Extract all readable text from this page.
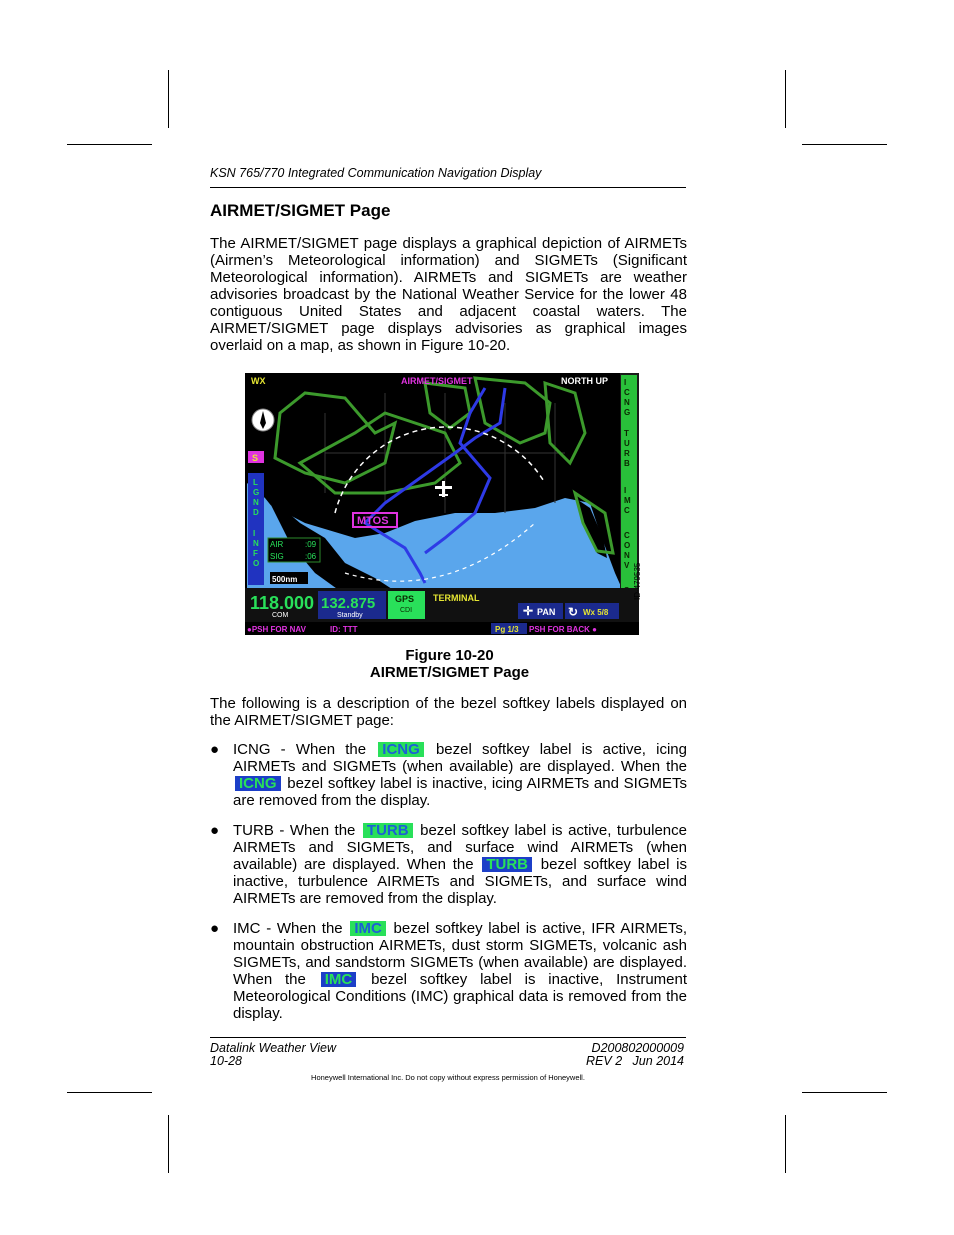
KSN 765/770 Integrated Communication Navigation Display
AIRMET/SIGMET Page
The AIRMET/SIGMET page displays a graphical depiction of AIRMETs (Airmen’s Meteorological information) and SIGMETs (Significant Meteorological information). AIRMETs and SIGMETs are weather advisories broadcast by the National Weather Service for the lower 48 contiguous United States and adjacent coastal waters. The AIRMET/SIGMET page displays advisories as graphical images overlaid on a map, as shown in Figure 10‑20.
MTOS
WX	AIRMET/SIGMET	NORTH UP I
C
N
G
T
U
R
B
I
M
C
C
O
N
V
S
L
G
N
D
I
N
F
O
AIR	:09
SIG	:06
500nm
118.000
COM
132.875
Standby
GPS
CDI
TERMINAL
✛ PAN ↻ Wx 5/8
●PSH FOR NAV	ID: TTT	Pg 1/3 PSH FOR BACK ●
ID‑479535
Figure 10‑20
AIRMET/SIGMET Page
The following is a description of the bezel softkey labels displayed on the AIRMET/SIGMET page:
● ICNG ‑ When the ICNG bezel softkey label is active, icing AIRMETs and SIGMETs (when available) are displayed. When the ICNG bezel softkey label is inactive, icing AIRMETs and SIGMETs are removed from the display.
● TURB ‑ When the TURB bezel softkey label is active, turbulence AIRMETs and SIGMETs, and surface wind AIRMETs (when available) are displayed. When the TURB bezel softkey label is inactive, turbulence AIRMETs and SIGMETs, and surface wind AIRMETs are removed from the display.
● IMC ‑ When the IMC bezel softkey label is active, IFR AIRMETs, mountain obstruction AIRMETs, dust storm SIGMETs, volcanic ash SIGMETs, and sandstorm SIGMETs (when available) are displayed. When the IMC bezel softkey label is inactive, Instrument Meteorological Conditions (IMC) graphical data is removed from the display.
Datalink Weather View
10-28
D200802000009
REV 2   Jun 2014
Honeywell International Inc. Do not copy without express permission of Honeywell.
